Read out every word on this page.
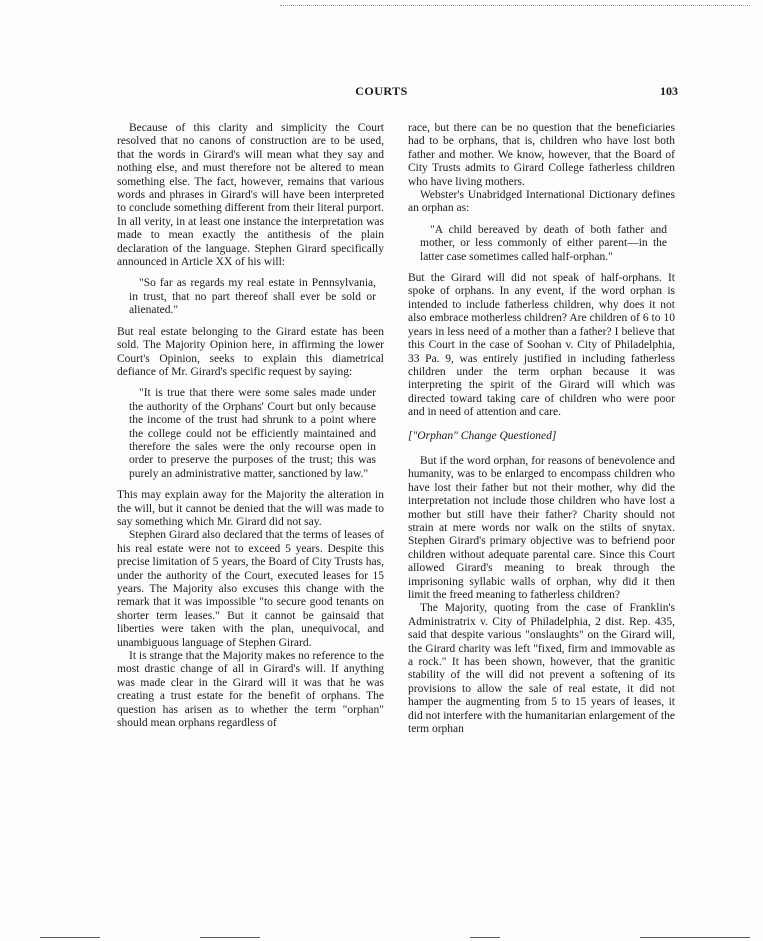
COURTS	103

Because of this clarity and simplicity the Court resolved that no canons of construction are to be used, that the words in Girard's will mean what they say and nothing else, and must therefore not be altered to mean something else. The fact, however, remains that various words and phrases in Girard's will have been interpreted to conclude something different from their literal purport. In all verity, in at least one instance the interpretation was made to mean exactly the antithesis of the plain declaration of the language. Stephen Girard specifically announced in Article XX of his will:

"So far as regards my real estate in Pennsylvania, in trust, that no part thereof shall ever be sold or alienated."

But real estate belonging to the Girard estate has been sold. The Majority Opinion here, in affirming the lower Court's Opinion, seeks to explain this diametrical defiance of Mr. Girard's specific request by saying:

"It is true that there were some sales made under the authority of the Orphans' Court but only because the income of the trust had shrunk to a point where the college could not be efficiently maintained and therefore the sales were the only recourse open in order to preserve the purposes of the trust; this was purely an administrative matter, sanctioned by law."

This may explain away for the Majority the alteration in the will, but it cannot be denied that the will was made to say something which Mr. Girard did not say.

Stephen Girard also declared that the terms of leases of his real estate were not to exceed 5 years. Despite this precise limitation of 5 years, the Board of City Trusts has, under the authority of the Court, executed leases for 15 years. The Majority also excuses this change with the remark that it was impossible "to secure good tenants on shorter term leases." But it cannot be gainsaid that liberties were taken with the plan, unequivocal, and unambiguous language of Stephen Girard.

It is strange that the Majority makes no reference to the most drastic change of all in Girard's will. If anything was made clear in the Girard will it was that he was creating a trust estate for the benefit of orphans. The question has arisen as to whether the term "orphan" should mean orphans regardless of

race, but there can be no question that the beneficiaries had to be orphans, that is, children who have lost both father and mother. We know, however, that the Board of City Trusts admits to Girard College fatherless children who have living mothers.

Webster's Unabridged International Dictionary defines an orphan as:

"A child bereaved by death of both father and mother, or less commonly of either parent—in the latter case sometimes called half-orphan."

But the Girard will did not speak of half-orphans. It spoke of orphans. In any event, if the word orphan is intended to include fatherless children, why does it not also embrace motherless children? Are children of 6 to 10 years in less need of a mother than a father? I believe that this Court in the case of Soohan v. City of Philadelphia, 33 Pa. 9, was entirely justified in including fatherless children under the term orphan because it was interpreting the spirit of the Girard will which was directed toward taking care of children who were poor and in need of attention and care.

["Orphan" Change Questioned]

But if the word orphan, for reasons of benevolence and humanity, was to be enlarged to encompass children who have lost their father but not their mother, why did the interpretation not include those children who have lost a mother but still have their father? Charity should not strain at mere words nor walk on the stilts of snytax. Stephen Girard's primary objective was to befriend poor children without adequate parental care. Since this Court allowed Girard's meaning to break through the imprisoning syllabic walls of orphan, why did it then limit the freed meaning to fatherless children?

The Majority, quoting from the case of Franklin's Administratrix v. City of Philadelphia, 2 dist. Rep. 435, said that despite various "onslaughts" on the Girard will, the Girard charity was left "fixed, firm and immovable as a rock." It has been shown, however, that the granitic stability of the will did not prevent a softening of its provisions to allow the sale of real estate, it did not hamper the augmenting from 5 to 15 years of leases, it did not interfere with the humanitarian enlargement of the term orphan
